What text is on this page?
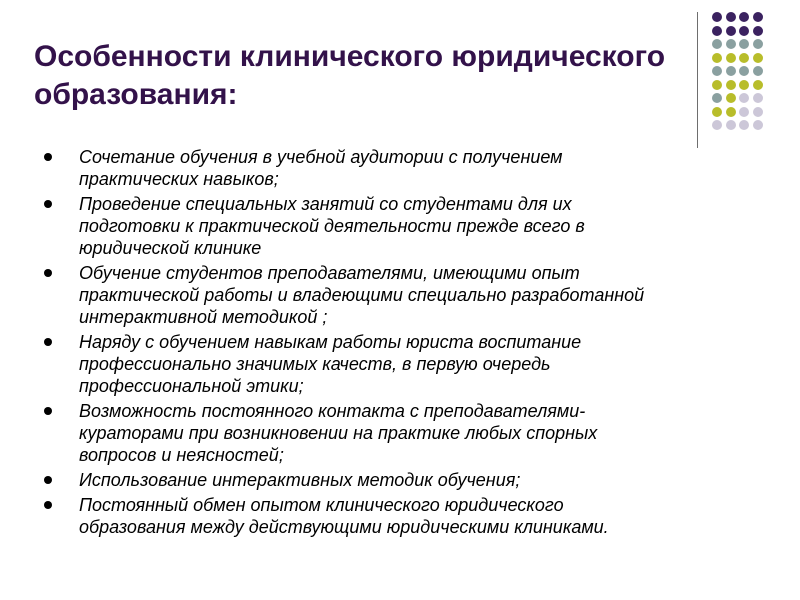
Особенности клинического юридического
образования:
Сочетание обучения в учебной аудитории с получением
практических навыков;
Проведение специальных занятий со студентами для их
подготовки к практической деятельности прежде всего в
юридической клинике
Обучение студентов преподавателями, имеющими опыт
практической работы и владеющими специально разработанной
интерактивной методикой ;
Наряду с обучением навыкам работы юриста воспитание
профессионально значимых качеств, в первую очередь
профессиональной этики;
Возможность постоянного контакта с преподавателями-
кураторами при возникновении на практике любых спорных
вопросов и неясностей;
Использование интерактивных методик обучения;
Постоянный обмен опытом клинического юридического
образования между действующими юридическими клиниками.
